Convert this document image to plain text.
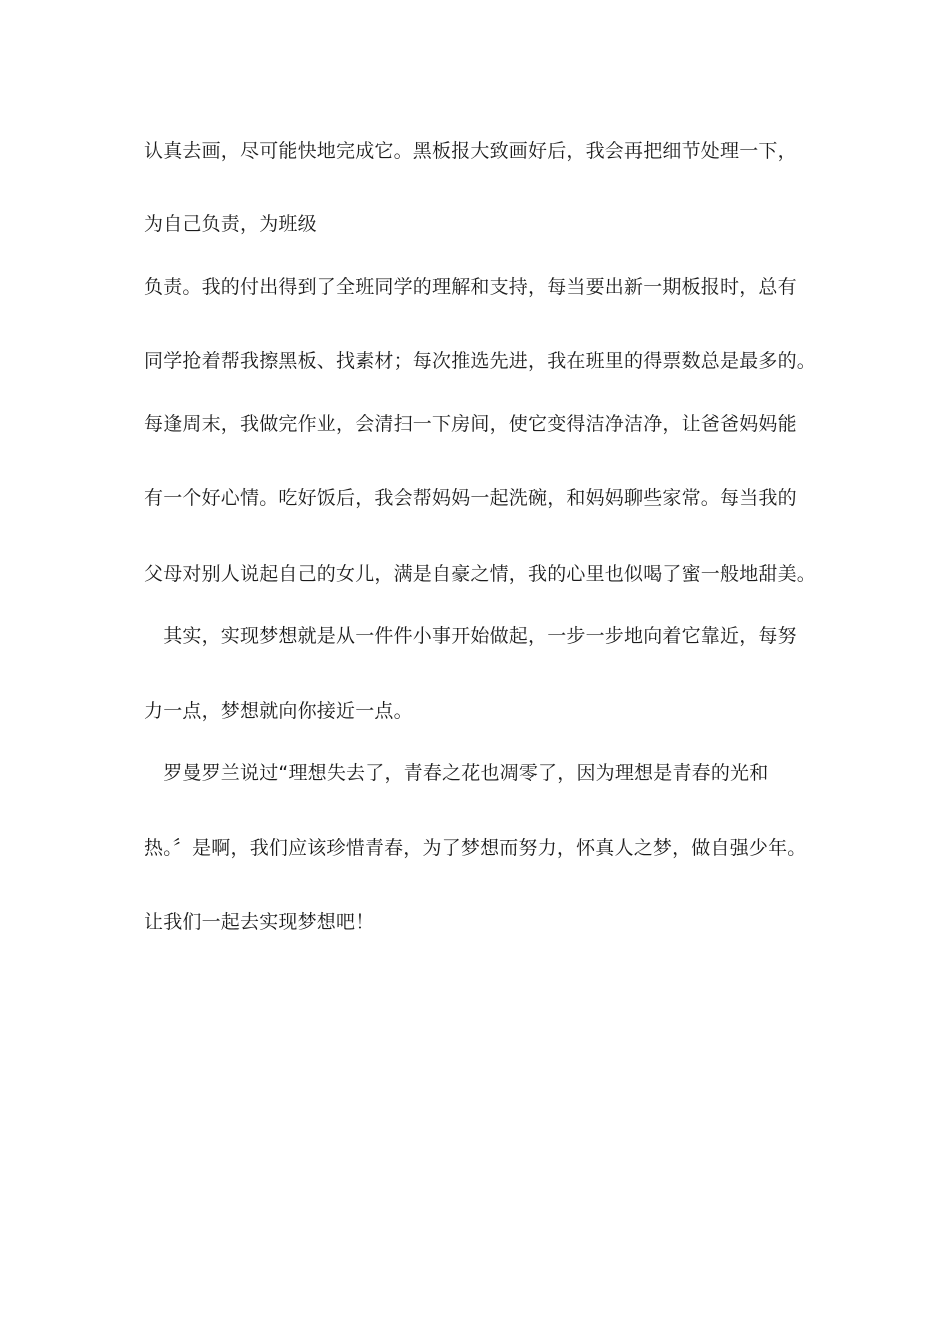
认真去画，尽可能快地完成它。黑板报大致画好后，我会再把细节处理一下，
为自己负责，为班级
负责。我的付出得到了全班同学的理解和支持，每当要出新一期板报时，总有
同学抢着帮我擦黑板、找素材；每次推选先进，我在班里的得票数总是最多的。
每逢周末，我做完作业，会清扫一下房间，使它变得洁净洁净，让爸爸妈妈能
有一个好心情。吃好饭后，我会帮妈妈一起洗碗，和妈妈聊些家常。每当我的
父母对别人说起自己的女儿，满是自豪之情，我的心里也似喝了蜜一般地甜美。
　其实，实现梦想就是从一件件小事开始做起，一步一步地向着它靠近，每努
力一点，梦想就向你接近一点。
　罗曼罗兰说过“理想失去了，青春之花也凋零了，因为理想是青春的光和
热。〞是啊，我们应该珍惜青春，为了梦想而努力，怀真人之梦，做自强少年。
让我们一起去实现梦想吧！
